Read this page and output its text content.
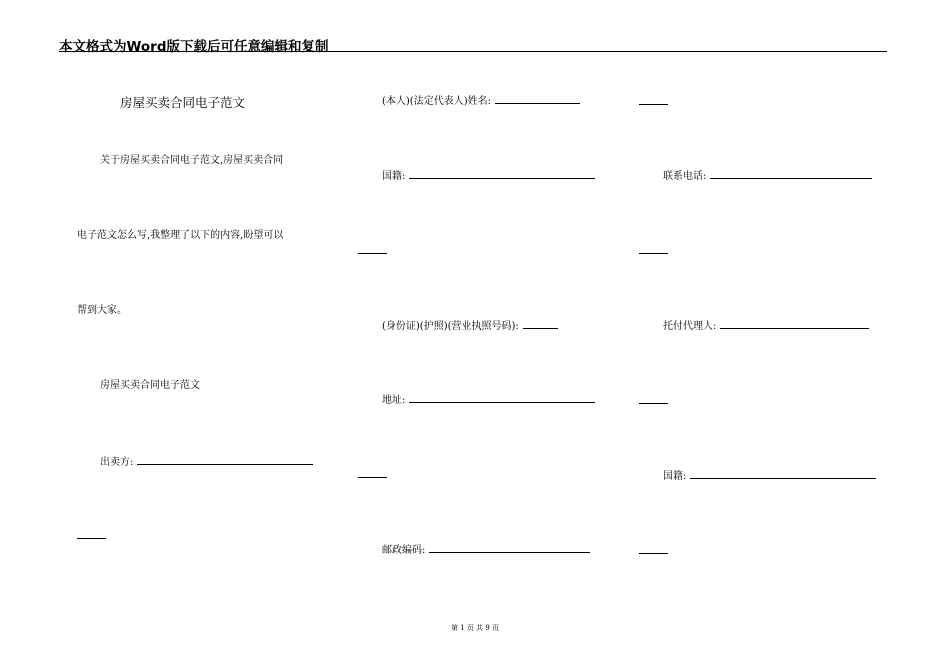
本文格式为Word版下载后可任意编辑和复制
房屋买卖合同电子范文
关于房屋买卖合同电子范文,房屋买卖合同
电子范文怎么写,我整理了以下的内容,盼望可以
帮到大家。
房屋买卖合同电子范文
出卖方:
(本人)(法定代表人)姓名:
国籍:
(身份证)(护照)(营业执照号码):
地址:
邮政编码:
联系电话:
托付代理人:
国籍:
第 1 页 共 9 页
